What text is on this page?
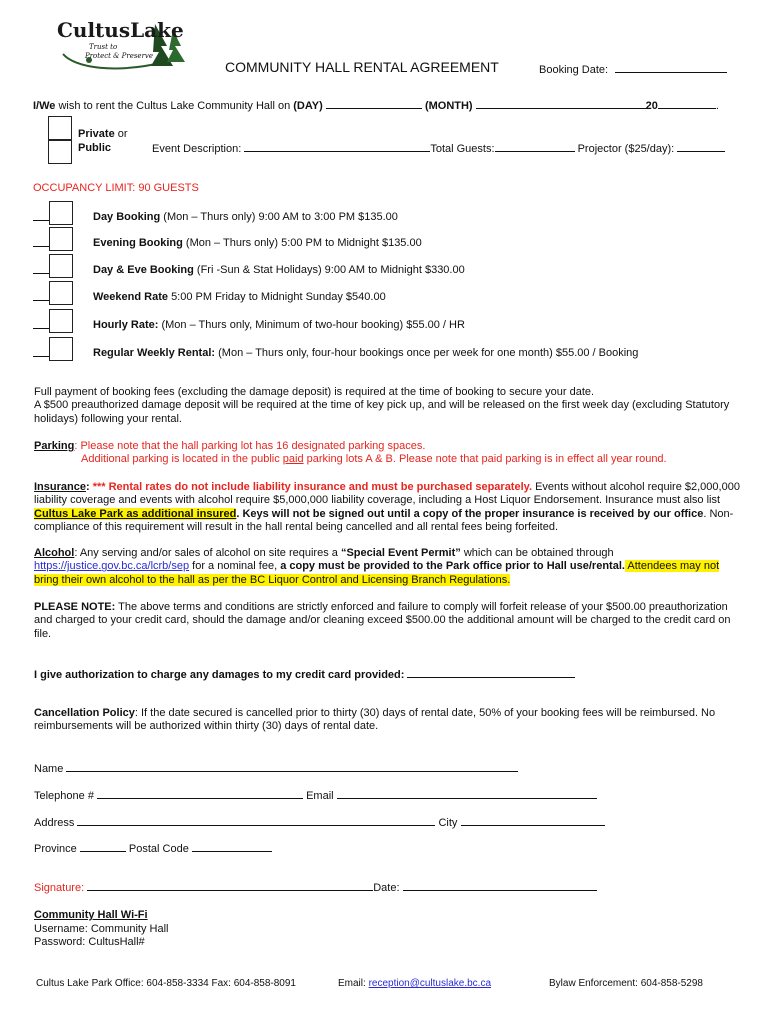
CultusLake
Trust to
Protect & Preserve
COMMUNITY HALL RENTAL AGREEMENT	Booking Date:
I/We wish to rent the Cultus Lake Community Hall on (DAY)	(MONTH)	20	.
Private or
Public	Event Description:	Total Guests:	Projector ($25/day):
OCCUPANCY LIMIT: 90 GUESTS
Day Booking (Mon – Thurs only) 9:00 AM to 3:00 PM $135.00
Evening Booking (Mon – Thurs only) 5:00 PM to Midnight $135.00
Day & Eve Booking (Fri -Sun & Stat Holidays) 9:00 AM to Midnight $330.00
Weekend Rate 5:00 PM Friday to Midnight Sunday $540.00
Hourly Rate: (Mon – Thurs only, Minimum of two-hour booking) $55.00 / HR
Regular Weekly Rental: (Mon – Thurs only, four-hour bookings once per week for one month) $55.00 / Booking
Full payment of booking fees (excluding the damage deposit) is required at the time of booking to secure your date.
A $500 preauthorized damage deposit will be required at the time of key pick up, and will be released on the first week day (excluding Statutory holidays) following your rental.
Parking: Please note that the hall parking lot has 16 designated parking spaces.
Additional parking is located in the public paid parking lots A & B. Please note that paid parking is in effect all year round.

Insurance: *** Rental rates do not include liability insurance and must be purchased separately. Events without alcohol require $2,000,000 liability coverage and events with alcohol require $5,000,000 liability coverage, including a Host Liquor Endorsement. Insurance must also list Cultus Lake Park as additional insured. Keys will not be signed out until a copy of the proper insurance is received by our office. Non-compliance of this requirement will result in the hall rental being cancelled and all rental fees being forfeited.
Alcohol: Any serving and/or sales of alcohol on site requires a “Special Event Permit” which can be obtained through https://justice.gov.bc.ca/lcrb/sep for a nominal fee, a copy must be provided to the Park office prior to Hall use/rental. Attendees may not bring their own alcohol to the hall as per the BC Liquor Control and Licensing Branch Regulations.
PLEASE NOTE: The above terms and conditions are strictly enforced and failure to comply will forfeit release of your $500.00 preauthorization and charged to your credit card, should the damage and/or cleaning exceed $500.00 the additional amount will be charged to the credit card on file.
I give authorization to charge any damages to my credit card provided:
Cancellation Policy: If the date secured is cancelled prior to thirty (30) days of rental date, 50% of your booking fees will be reimbursed. No reimbursements will be authorized within thirty (30) days of rental date.
Name
Telephone #	Email
Address	City
Province	Postal Code
Signature:	Date:
Community Hall Wi-Fi
Username: Community Hall
Password: CultusHall#
Cultus Lake Park Office: 604-858-3334 Fax: 604-858-8091	Email: reception@cultuslake.bc.ca	Bylaw Enforcement: 604-858-5298
